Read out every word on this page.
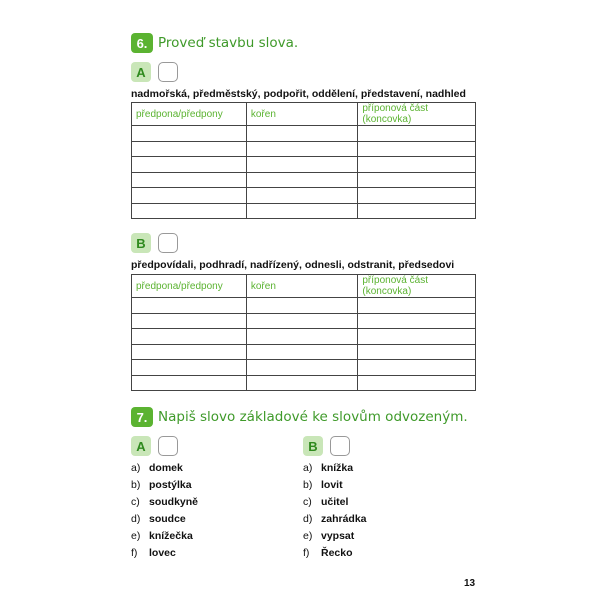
6. Proveď stavbu slova.
A
nadmořská, předměstský, podpořit, oddělení, představení, nadhled
předpona/předpony	kořen	příponová část (koncovka)

B
předpovídali, podhradí, nadřízený, odnesli, odstranit, předsedovi
předpona/předpony	kořen	příponová část (koncovka)

7. Napiš slovo základové ke slovům odvozeným.
A
a) domek
b) postýlka
c) soudkyně
d) soudce
e) knížečka
f)	lovec
B
a) knížka
b) lovit
c) učitel
d) zahrádka
e) vypsat
f)	Řecko
13
